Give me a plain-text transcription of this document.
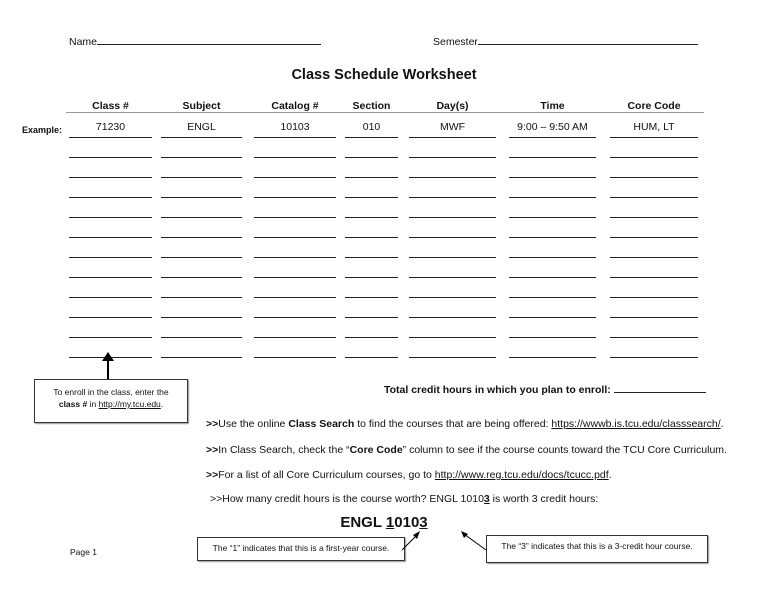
Name	Semester
Class Schedule Worksheet
Class #	Subject	Catalog #	Section	Day(s)	Time	Core Code
Example:	71230	ENGL	10103	010	MWF	9:00 – 9:50 AM	HUM, LT
To enroll in the class, enter the
class # in http://my.tcu.edu.
Total credit hours in which you plan to enroll:
>>Use the online Class Search to find the courses that are being offered: https://wwwb.is.tcu.edu/classsearch/.
>>In Class Search, check the “Core Code” column to see if the course counts toward the TCU Core Curriculum.
>>For a list of all Core Curriculum courses, go to http://www.reg.tcu.edu/docs/tcucc.pdf.
>>How many credit hours is the course worth? ENGL 10103 is worth 3 credit hours:
ENGL 10103
The “1” indicates that this is a first-year course.	The “3” indicates that this is a 3-credit hour course.
Page 1
